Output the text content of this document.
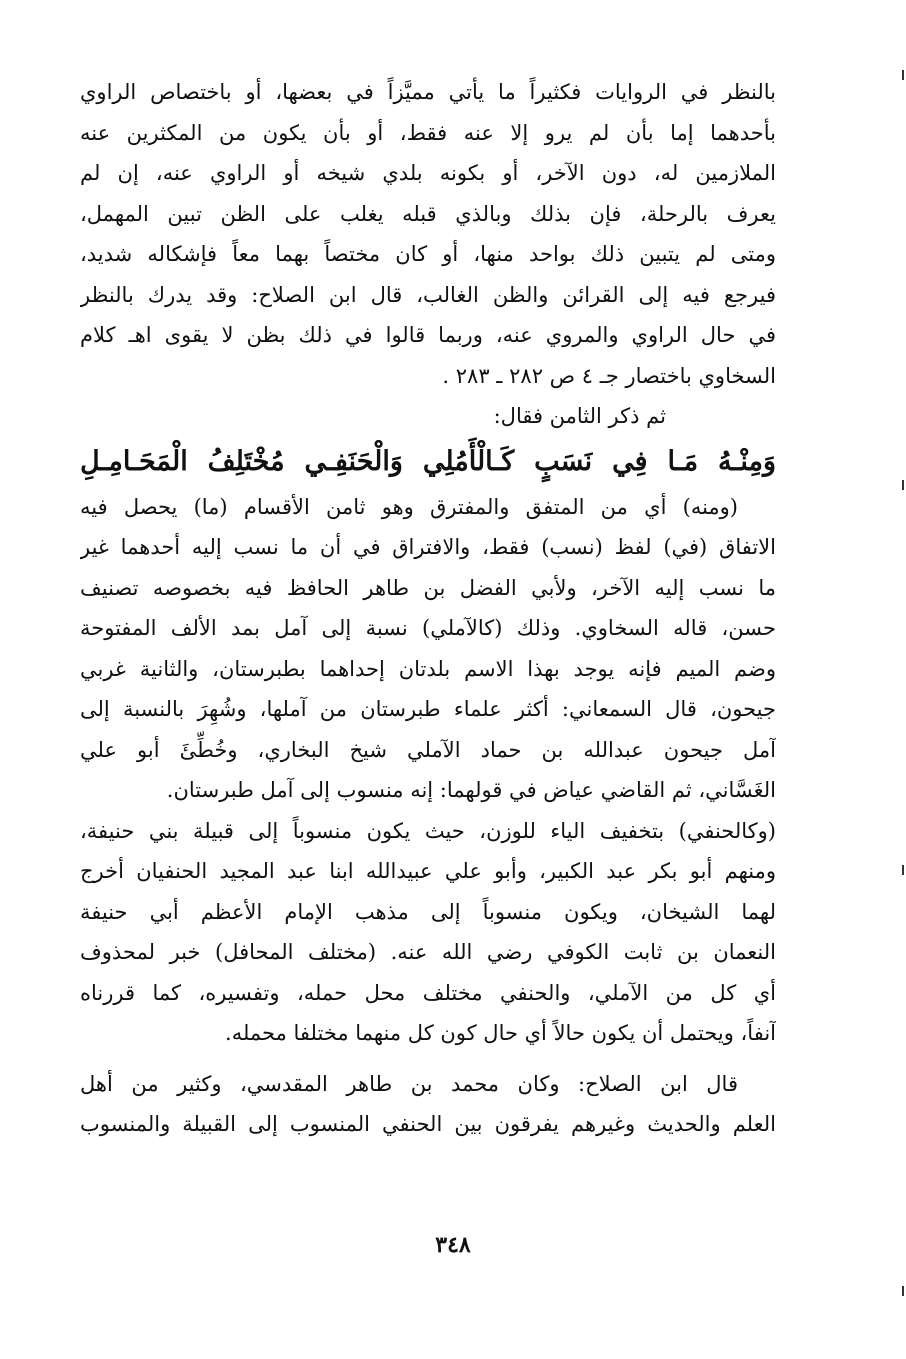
بالنظر في الروايات فكثيراً ما يأتي مميَّزاً في بعضها، أو باختصاص الراوي
بأحدهما إما بأن لم يرو إلا عنه فقط، أو بأن يكون من المكثرين عنه
الملازمين له، دون الآخر، أو بكونه بلدي شيخه أو الراوي عنه، إن لم
يعرف بالرحلة، فإن بذلك وبالذي قبله يغلب على الظن تبين المهمل،
ومتى لم يتبين ذلك بواحد منها، أو كان مختصاً بهما معاً فإشكاله شديد،
فيرجع فيه إلى القرائن والظن الغالب، قال ابن الصلاح: وقد يدرك بالنظر
في حال الراوي والمروي عنه، وربما قالوا في ذلك بظن لا يقوى اهـ كلام
السخاوي باختصار جـ ٤ ص ٢٨٢ ـ ٢٨٣ .
ثم ذكر الثامن فقال:
وَمِنْـهُ مَـا فِي نَسَبٍ كَـالْأَمُلِي وَالْحَنَفِـي مُخْتَلِفُ الْمَحَـامِـلِ
(ومنه) أي من المتفق والمفترق وهو ثامن الأقسام (ما) يحصل فيه
الاتفاق (في) لفظ (نسب) فقط، والافتراق في أن ما نسب إليه أحدهما غير
ما نسب إليه الآخر، ولأبي الفضل بن طاهر الحافظ فيه بخصوصه تصنيف
حسن، قاله السخاوي. وذلك (كالآملي) نسبة إلى آمل بمد الألف المفتوحة
وضم الميم فإنه يوجد بهذا الاسم بلدتان إحداهما بطبرستان، والثانية غربي
جيحون، قال السمعاني: أكثر علماء طبرستان من آملها، وشُهِرَ بالنسبة إلى
آمل جيحون عبدالله بن حماد الآملي شيخ البخاري، وخُطِّئَ أبو علي
الغَسَّاني، ثم القاضي عياض في قولهما: إنه منسوب إلى آمل طبرستان.
(وكالحنفي) بتخفيف الياء للوزن، حيث يكون منسوباً إلى قبيلة بني حنيفة،
ومنهم أبو بكر عبد الكبير، وأبو علي عبيدالله ابنا عبد المجيد الحنفيان أخرج
لهما الشيخان، ويكون منسوباً إلى مذهب الإمام الأعظم أبي حنيفة
النعمان بن ثابت الكوفي رضي الله عنه. (مختلف المحافل) خبر لمحذوف
أي كل من الآملي، والحنفي مختلف محل حمله، وتفسيره، كما قررناه
آنفاً، ويحتمل أن يكون حالاً أي حال كون كل منهما مختلفا محمله.
قال ابن الصلاح: وكان محمد بن طاهر المقدسي، وكثير من أهل
العلم والحديث وغيرهم يفرقون بين الحنفي المنسوب إلى القبيلة والمنسوب
٣٤٨
